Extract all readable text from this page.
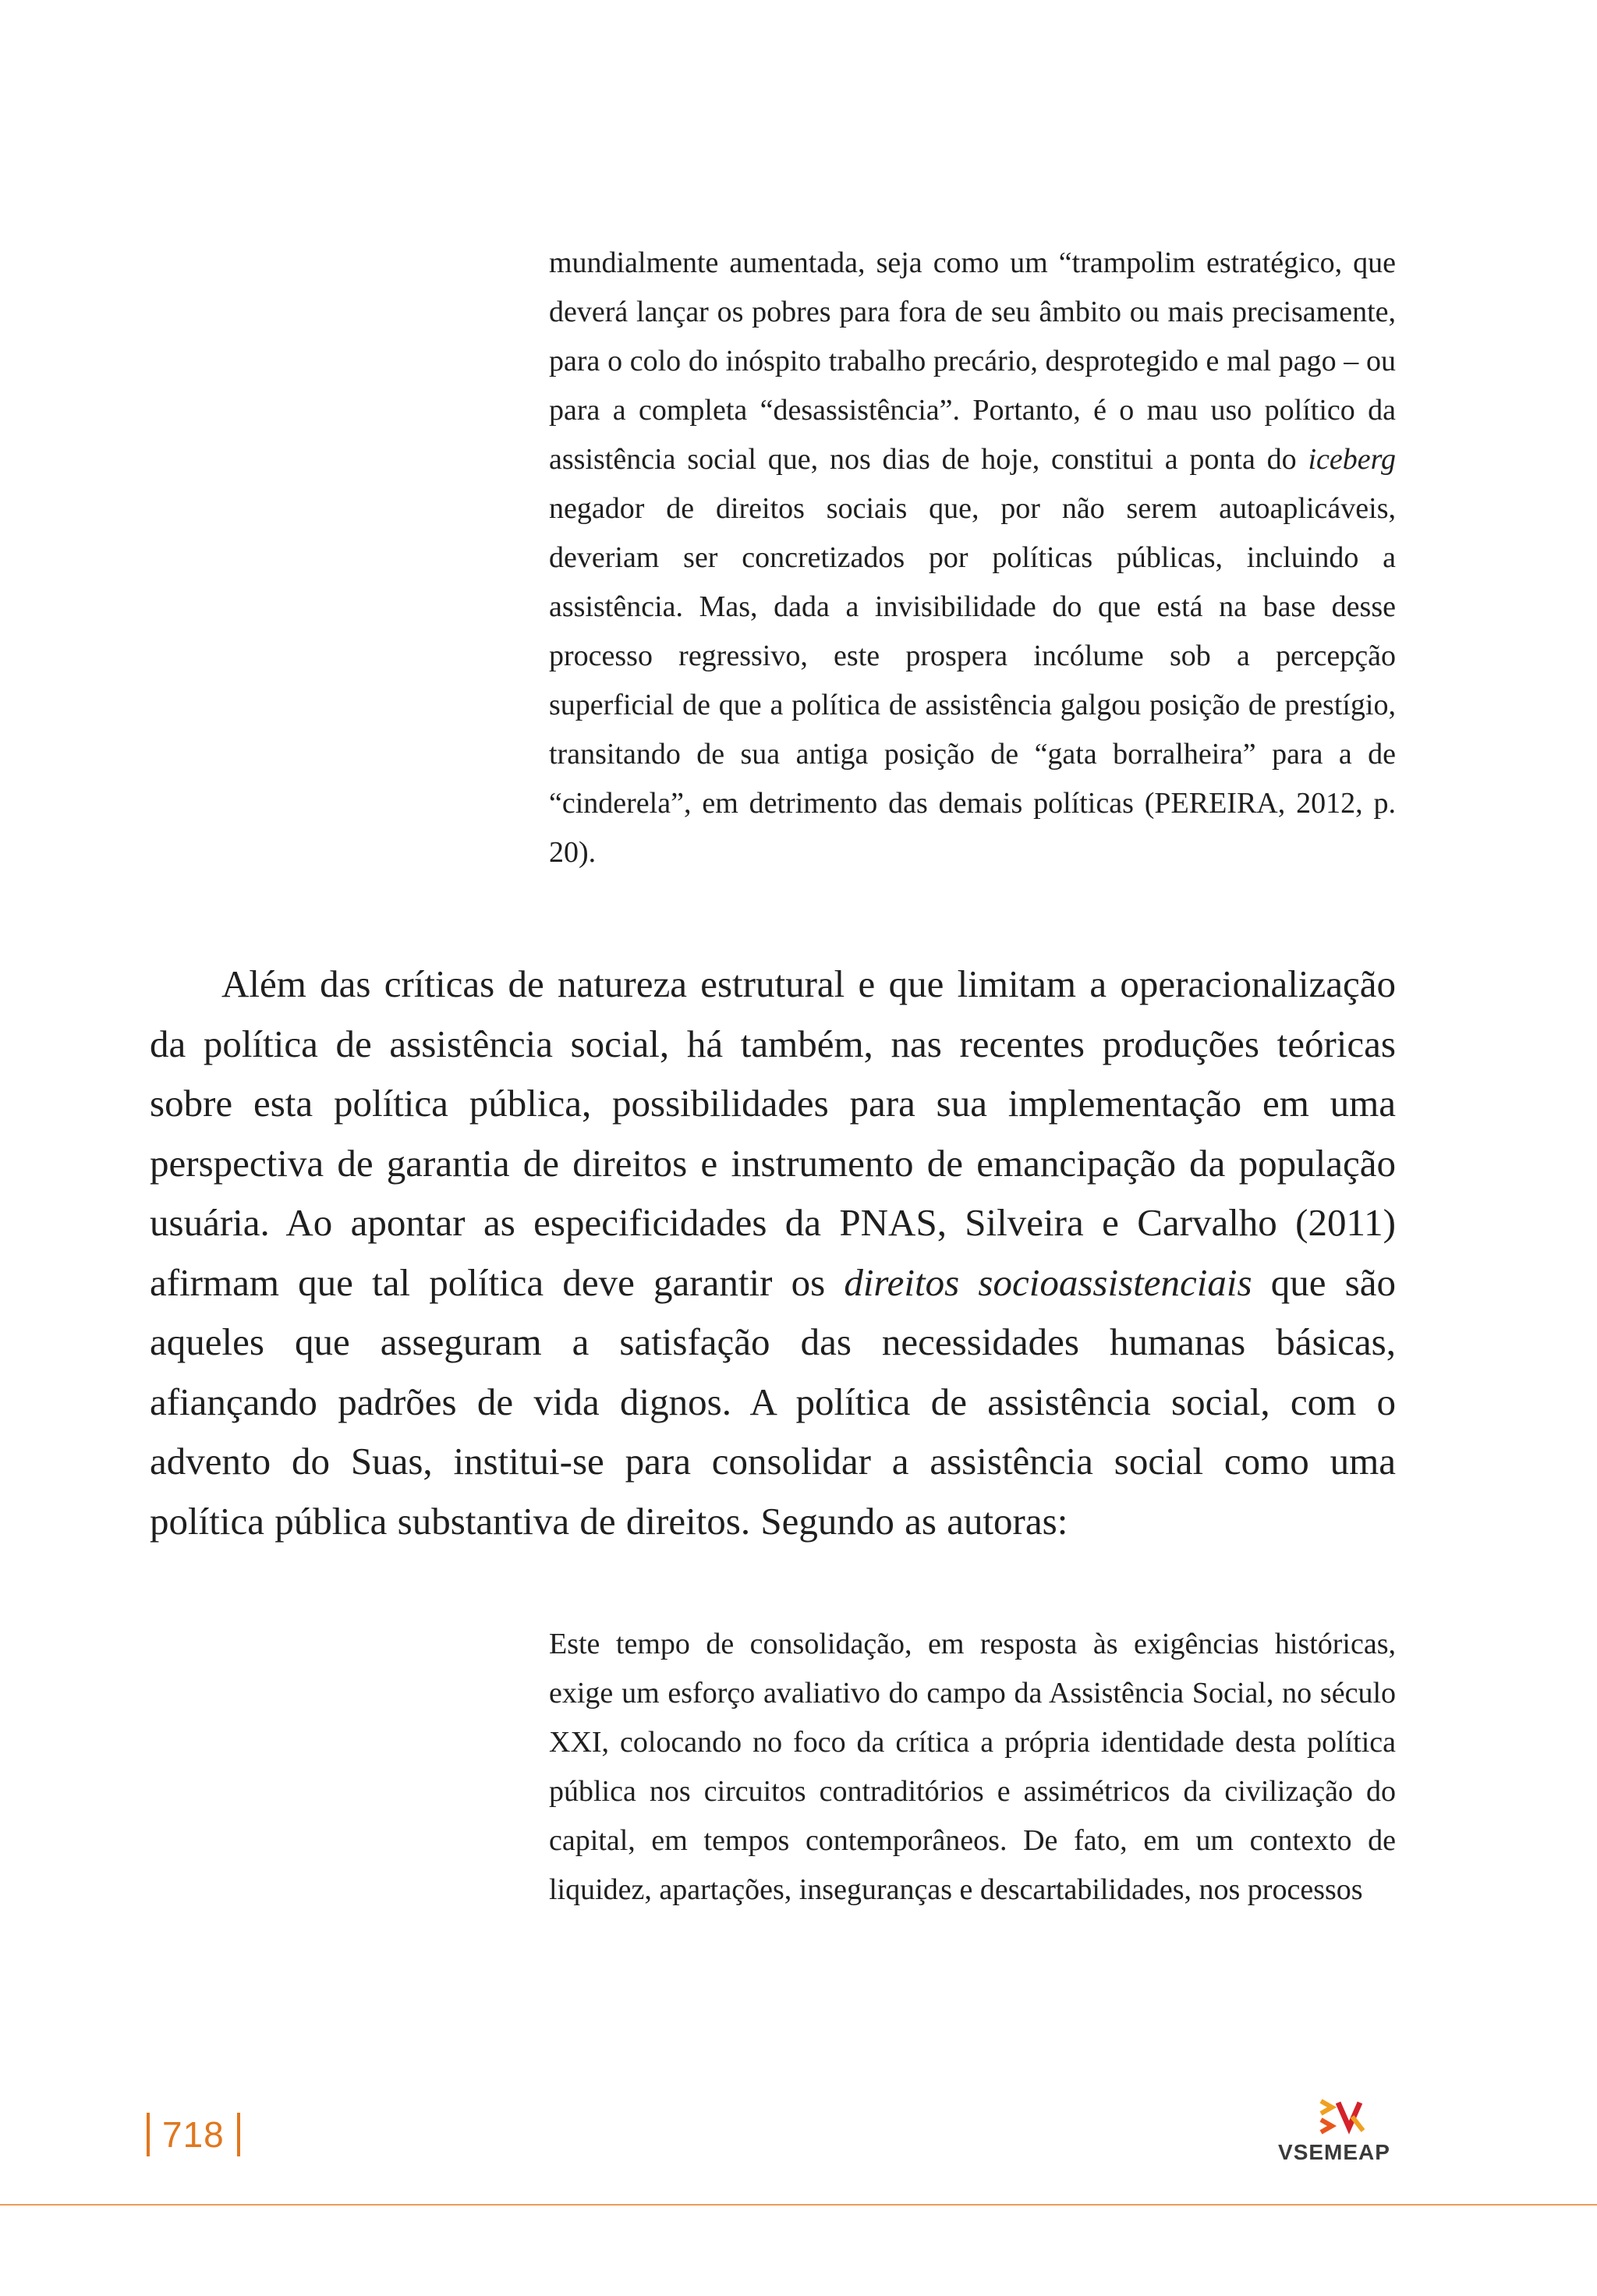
mundialmente aumentada, seja como um “trampolim estratégico, que deverá lançar os pobres para fora de seu âmbito ou mais precisamente, para o colo do inóspito trabalho precário, desprotegido e mal pago – ou para a completa “desassistência”. Portanto, é o mau uso político da assistência social que, nos dias de hoje, constitui a ponta do iceberg negador de direitos sociais que, por não serem autoaplicáveis, deveriam ser concretizados por políticas públicas, incluindo a assistência. Mas, dada a invisibilidade do que está na base desse processo regressivo, este prospera incólume sob a percepção superficial de que a política de assistência galgou posição de prestígio, transitando de sua antiga posição de “gata borralheira” para a de “cinderela”, em detrimento das demais políticas (PEREIRA, 2012, p. 20).

Além das críticas de natureza estrutural e que limitam a operacionalização da política de assistência social, há também, nas recentes produções teóricas sobre esta política pública, possibilidades para sua implementação em uma perspectiva de garantia de direitos e instrumento de emancipação da população usuária. Ao apontar as especificidades da PNAS, Silveira e Carvalho (2011) afirmam que tal política deve garantir os direitos socioassistenciais que são aqueles que asseguram a satisfação das necessidades humanas básicas, afiançando padrões de vida dignos. A política de assistência social, com o advento do Suas, institui-se para consolidar a assistência social como uma política pública substantiva de direitos. Segundo as autoras:

Este tempo de consolidação, em resposta às exigências históricas, exige um esforço avaliativo do campo da Assistência Social, no século XXI, colocando no foco da crítica a própria identidade desta política pública nos circuitos contraditórios e assimétricos da civilização do capital, em tempos contemporâneos. De fato, em um contexto de liquidez, apartações, inseguranças e descartabilidades, nos processos

718	VSEMEAP
